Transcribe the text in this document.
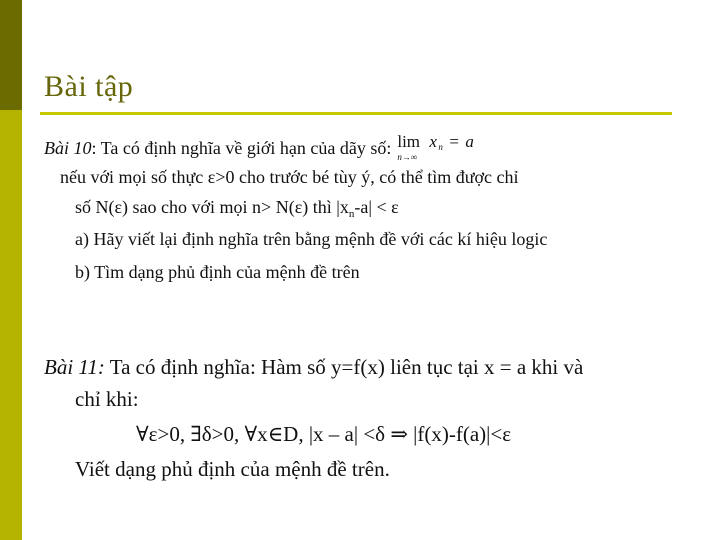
Bài tập
Bài 10: Ta có định nghĩa về giới hạn của dãy số: lim
n→∞
x n = a
nếu với mọi số thực ε>0 cho trước bé tùy ý, có thể tìm được chỉ
số N(ε) sao cho với mọi n> N(ε) thì $|x_n-a| < \varepsilon$
a) Hãy viết lại định nghĩa trên bằng mệnh đề với các kí hiệu logic
b) Tìm dạng phủ định của mệnh đề trên
Bài 11: Ta có định nghĩa: Hàm số y=f(x) liên tục tại x = a khi và
chỉ khi:
∀ε>0, ∃δ>0, ∀x∈D, |x – a| <δ ⇒ |f(x)-f(a)|<ε
Viết dạng phủ định của mệnh đề trên.
